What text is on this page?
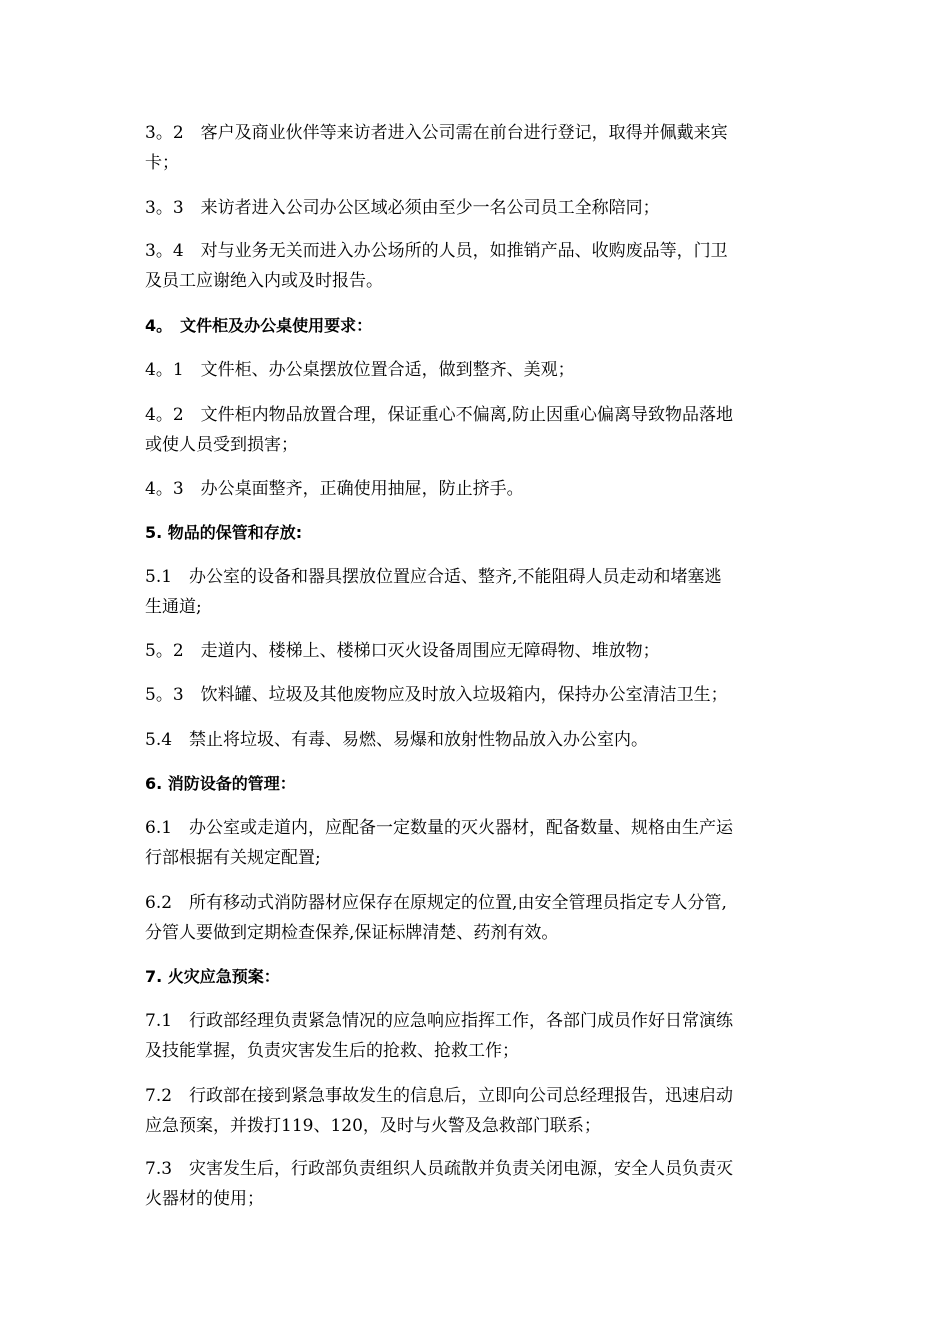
3。2　客户及商业伙伴等来访者进入公司需在前台进行登记，取得并佩戴来宾

卡；

3。3　来访者进入公司办公区域必须由至少一名公司员工全称陪同；

3。4　对与业务无关而进入办公场所的人员，如推销产品、收购废品等，门卫

及员工应谢绝入内或及时报告。

4。　文件柜及办公桌使用要求：

4。1　文件柜、办公桌摆放位置合适，做到整齐、美观；

4。2　文件柜内物品放置合理，保证重心不偏离,防止因重心偏离导致物品落地

或使人员受到损害；

4。3　办公桌面整齐，正确使用抽屉，防止挤手。

5. 物品的保管和存放:

5.1　办公室的设备和器具摆放位置应合适、整齐,不能阻碍人员走动和堵塞逃

生通道;

5。2　走道内、楼梯上、楼梯口灭火设备周围应无障碍物、堆放物；

5。3　饮料罐、垃圾及其他废物应及时放入垃圾箱内，保持办公室清洁卫生；

5.4　禁止将垃圾、有毒、易燃、易爆和放射性物品放入办公室内。

6. 消防设备的管理：

6.1　办公室或走道内，应配备一定数量的灭火器材，配备数量、规格由生产运

行部根据有关规定配置;

6.2　所有移动式消防器材应保存在原规定的位置,由安全管理员指定专人分管,

分管人要做到定期检查保养,保证标牌清楚、药剂有效。

7. 火灾应急预案：

7.1　行政部经理负责紧急情况的应急响应指挥工作，各部门成员作好日常演练

及技能掌握，负责灾害发生后的抢救、抢救工作；

7.2　行政部在接到紧急事故发生的信息后，立即向公司总经理报告，迅速启动

应急预案，并拨打119、120，及时与火警及急救部门联系；

7.3　灾害发生后，行政部负责组织人员疏散并负责关闭电源，安全人员负责灭

火器材的使用；
